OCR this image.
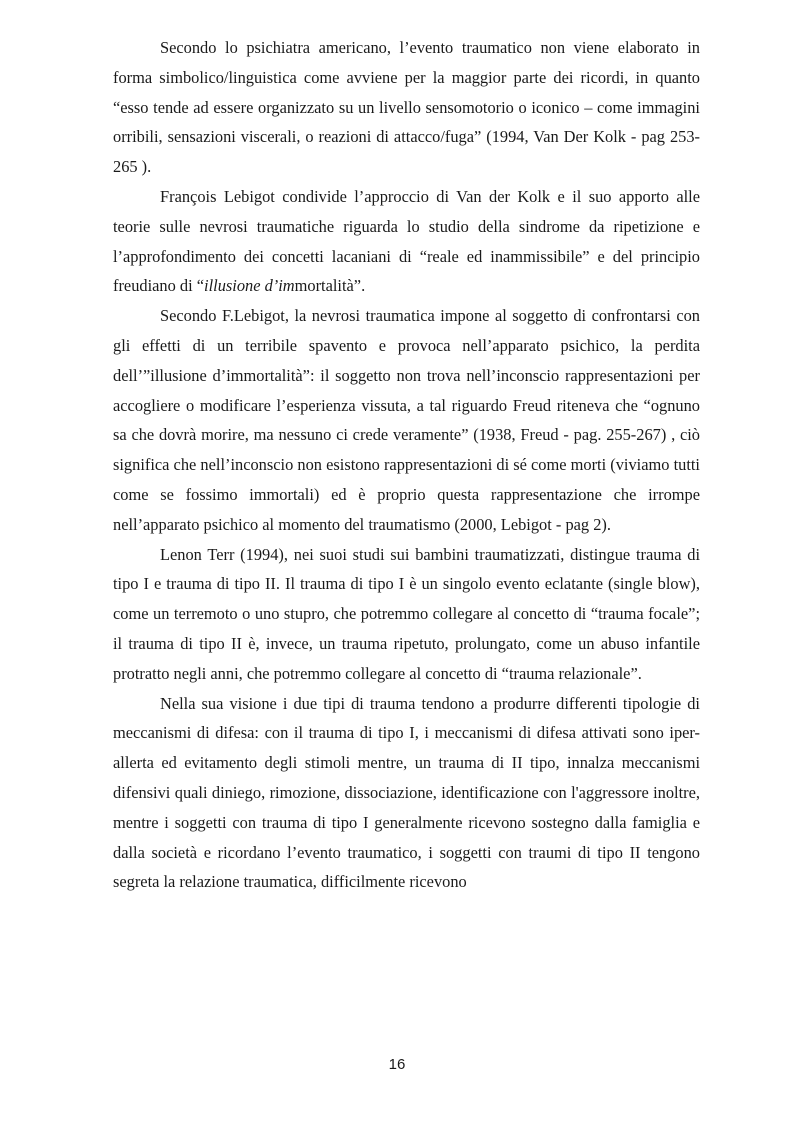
Secondo lo psichiatra americano, l’evento traumatico non viene elaborato in forma simbolico/linguistica come avviene per la maggior parte dei ricordi, in quanto “esso tende ad essere organizzato su un livello sensomotorio o iconico – come immagini orribili, sensazioni viscerali, o reazioni di attacco/fuga” (1994, Van Der Kolk - pag 253-265 ).

François Lebigot condivide l’approccio di Van der Kolk e il suo apporto alle teorie sulle nevrosi traumatiche riguarda lo studio della sindrome da ripetizione e l’approfondimento dei concetti lacaniani di “reale ed inammissibile” e del principio freudiano di “illusione d’immortalità”.

Secondo F.Lebigot, la nevrosi traumatica impone al soggetto di confrontarsi con gli effetti di un terribile spavento e provoca nell’apparato psichico, la perdita dell’”illusione d’immortalità”: il soggetto non trova nell’inconscio rappresentazioni per accogliere o modificare l’esperienza vissuta, a tal riguardo Freud riteneva che “ognuno sa che dovrà morire, ma nessuno ci crede veramente” (1938, Freud - pag. 255-267) , ciò significa che nell’inconscio non esistono rappresentazioni di sé come morti (viviamo tutti come se fossimo immortali) ed è proprio questa rappresentazione che irrompe nell’apparato psichico al momento del traumatismo (2000, Lebigot - pag 2).

Lenon Terr (1994), nei suoi studi sui bambini traumatizzati, distingue trauma di tipo I e trauma di tipo II. Il trauma di tipo I è un singolo evento eclatante (single blow), come un terremoto o uno stupro, che potremmo collegare al concetto di “trauma focale”; il trauma di tipo II è, invece, un trauma ripetuto, prolungato, come un abuso infantile protratto negli anni, che potremmo collegare al concetto di “trauma relazionale”.

Nella sua visione i due tipi di trauma tendono a produrre differenti tipologie di meccanismi di difesa: con il trauma di tipo I, i meccanismi di difesa attivati sono iper-allerta ed evitamento degli stimoli mentre, un trauma di II tipo, innalza meccanismi difensivi quali diniego, rimozione, dissociazione, identificazione con l'aggressore inoltre, mentre i soggetti con trauma di tipo I generalmente ricevono sostegno dalla famiglia e dalla società e ricordano l’evento traumatico, i soggetti con traumi di tipo II tengono segreta la relazione traumatica, difficilmente ricevono

16
